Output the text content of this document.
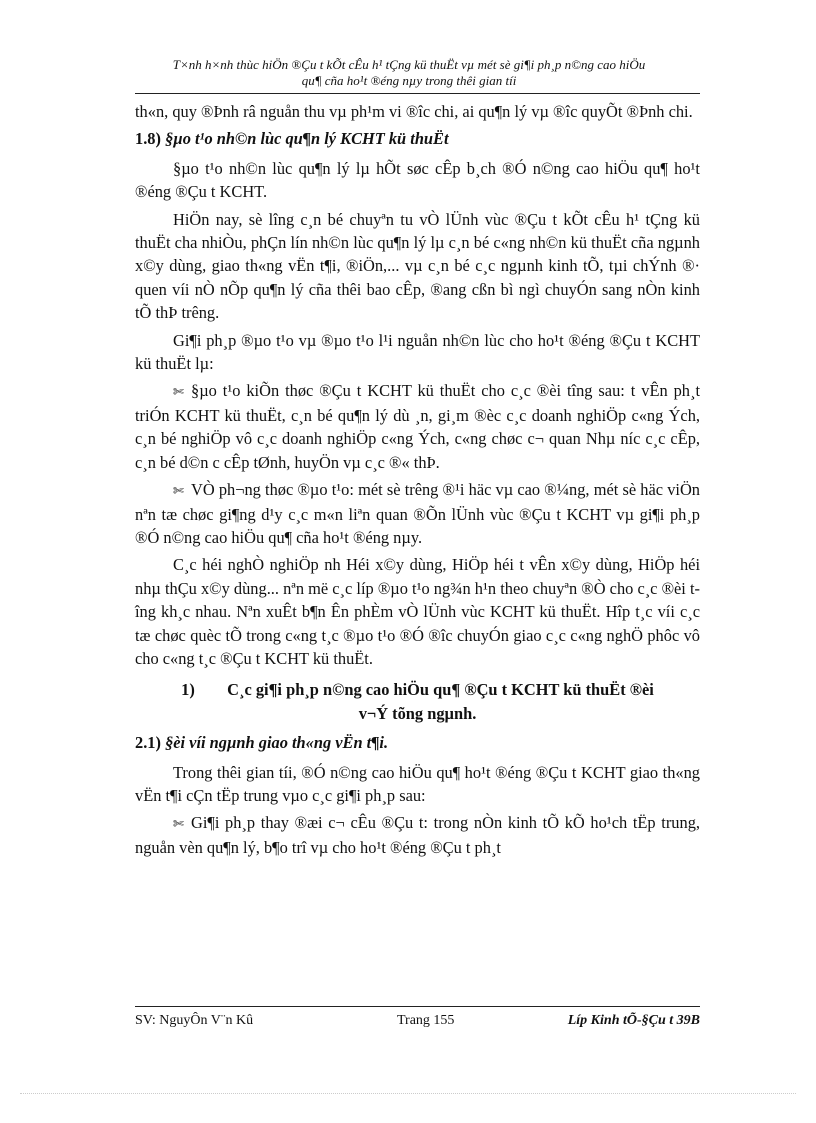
T×nh h×nh thùc hiÖn ®Çu t kÕt cÊu h¹ tÇng kü thuËt vµ mét sè gi¶i ph¸p n©ng cao hiÖu
qu¶ cña ho¹t ®éng nµy trong thêi gian tíi

th«n, quy ®Þnh râ nguån thu vµ ph¹m vi ®îc chi, ai qu¶n lý vµ ®îc quyÕt ®Þnh chi.

1.8) §µo t¹o nh©n lùc qu¶n lý KCHT kü thuËt

§µo t¹o nh©n lùc qu¶n lý lµ hÕt søc cÊp b¸ch ®Ó n©ng cao hiÖu qu¶ ho¹t ®éng ®Çu t KCHT.

HiÖn nay, sè lîng c¸n bé chuyªn tu vÒ lÜnh vùc ®Çu t kÕt cÊu h¹ tÇng kü thuËt cha nhiÒu, phÇn lín nh©n lùc qu¶n lý lµ c¸n bé c«ng nh©n kü thuËt cña ngµnh x©y dùng, giao th«ng vËn t¶i, ®iÖn,... vµ c¸n bé c¸c ngµnh kinh tÕ, tµi chÝnh ®· quen víi nÒ nÕp qu¶n lý cña thêi bao cÊp, ®ang cßn bì ngì chuyÓn sang nÒn kinh tÕ thÞ trêng.

Gi¶i ph¸p ®µo t¹o vµ ®µo t¹o l¹i nguån nh©n lùc cho ho¹t ®éng ®Çu t KCHT kü thuËt lµ:

✄ §µo t¹o kiÕn thøc ®Çu t KCHT kü thuËt cho c¸c ®èi tîng sau: t vÊn ph¸t triÓn KCHT kü thuËt, c¸n bé qu¶n lý dù ¸n, gi¸m ®èc c¸c doanh nghiÖp c«ng Ých, c¸n bé nghiÖp vô c¸c doanh nghiÖp c«ng Ých, c«ng chøc c¬ quan Nhµ níc c¸c cÊp, c¸n bé d©n c cÊp tØnh, huyÖn vµ c¸c ®« thÞ.

✄ VÒ ph¬ng thøc ®µo t¹o: mét sè trêng ®¹i häc vµ cao ®¼ng, mét sè häc viÖn nªn tæ chøc gi¶ng d¹y c¸c m«n liªn quan ®Õn lÜnh vùc ®Çu t KCHT vµ gi¶i ph¸p ®Ó n©ng cao hiÖu qu¶ cña ho¹t ®éng nµy.

C¸c héi nghÒ nghiÖp nh Héi x©y dùng, HiÖp héi t vÊn x©y dùng, HiÖp héi nhµ thÇu x©y dùng... nªn më c¸c líp ®µo t¹o ng¾n h¹n theo chuyªn ®Ò cho c¸c ®èi tîng kh¸c nhau. Nªn xuÊt b¶n Ên phÈm vÒ lÜnh vùc KCHT kü thuËt. Hîp t¸c víi c¸c tæ chøc quèc tÕ trong c«ng t¸c ®µo t¹o ®Ó ®îc chuyÓn giao c¸c c«ng nghÖ phôc vô cho c«ng t¸c ®Çu t KCHT kü thuËt.

1) C¸c gi¶i ph¸p n©ng cao hiÖu qu¶ ®Çu t KCHT kü thuËt ®èi
v¬Ý tõng ngµnh.
2.1) §èi víi ngµnh giao th«ng vËn t¶i.

Trong thêi gian tíi, ®Ó n©ng cao hiÖu qu¶ ho¹t ®éng ®Çu t KCHT giao th«ng vËn t¶i cÇn tËp trung vµo c¸c gi¶i ph¸p sau:

✄ Gi¶i ph¸p thay ®æi c¬ cÊu ®Çu t: trong nÒn kinh tÕ kÕ ho¹ch tËp trung, nguån vèn qu¶n lý, b¶o trî vµ cho ho¹t ®éng ®Çu t ph¸t

SV: NguyÔn V¨n Kû	Trang 155	Líp Kinh tÕ-§Çu t 39B
